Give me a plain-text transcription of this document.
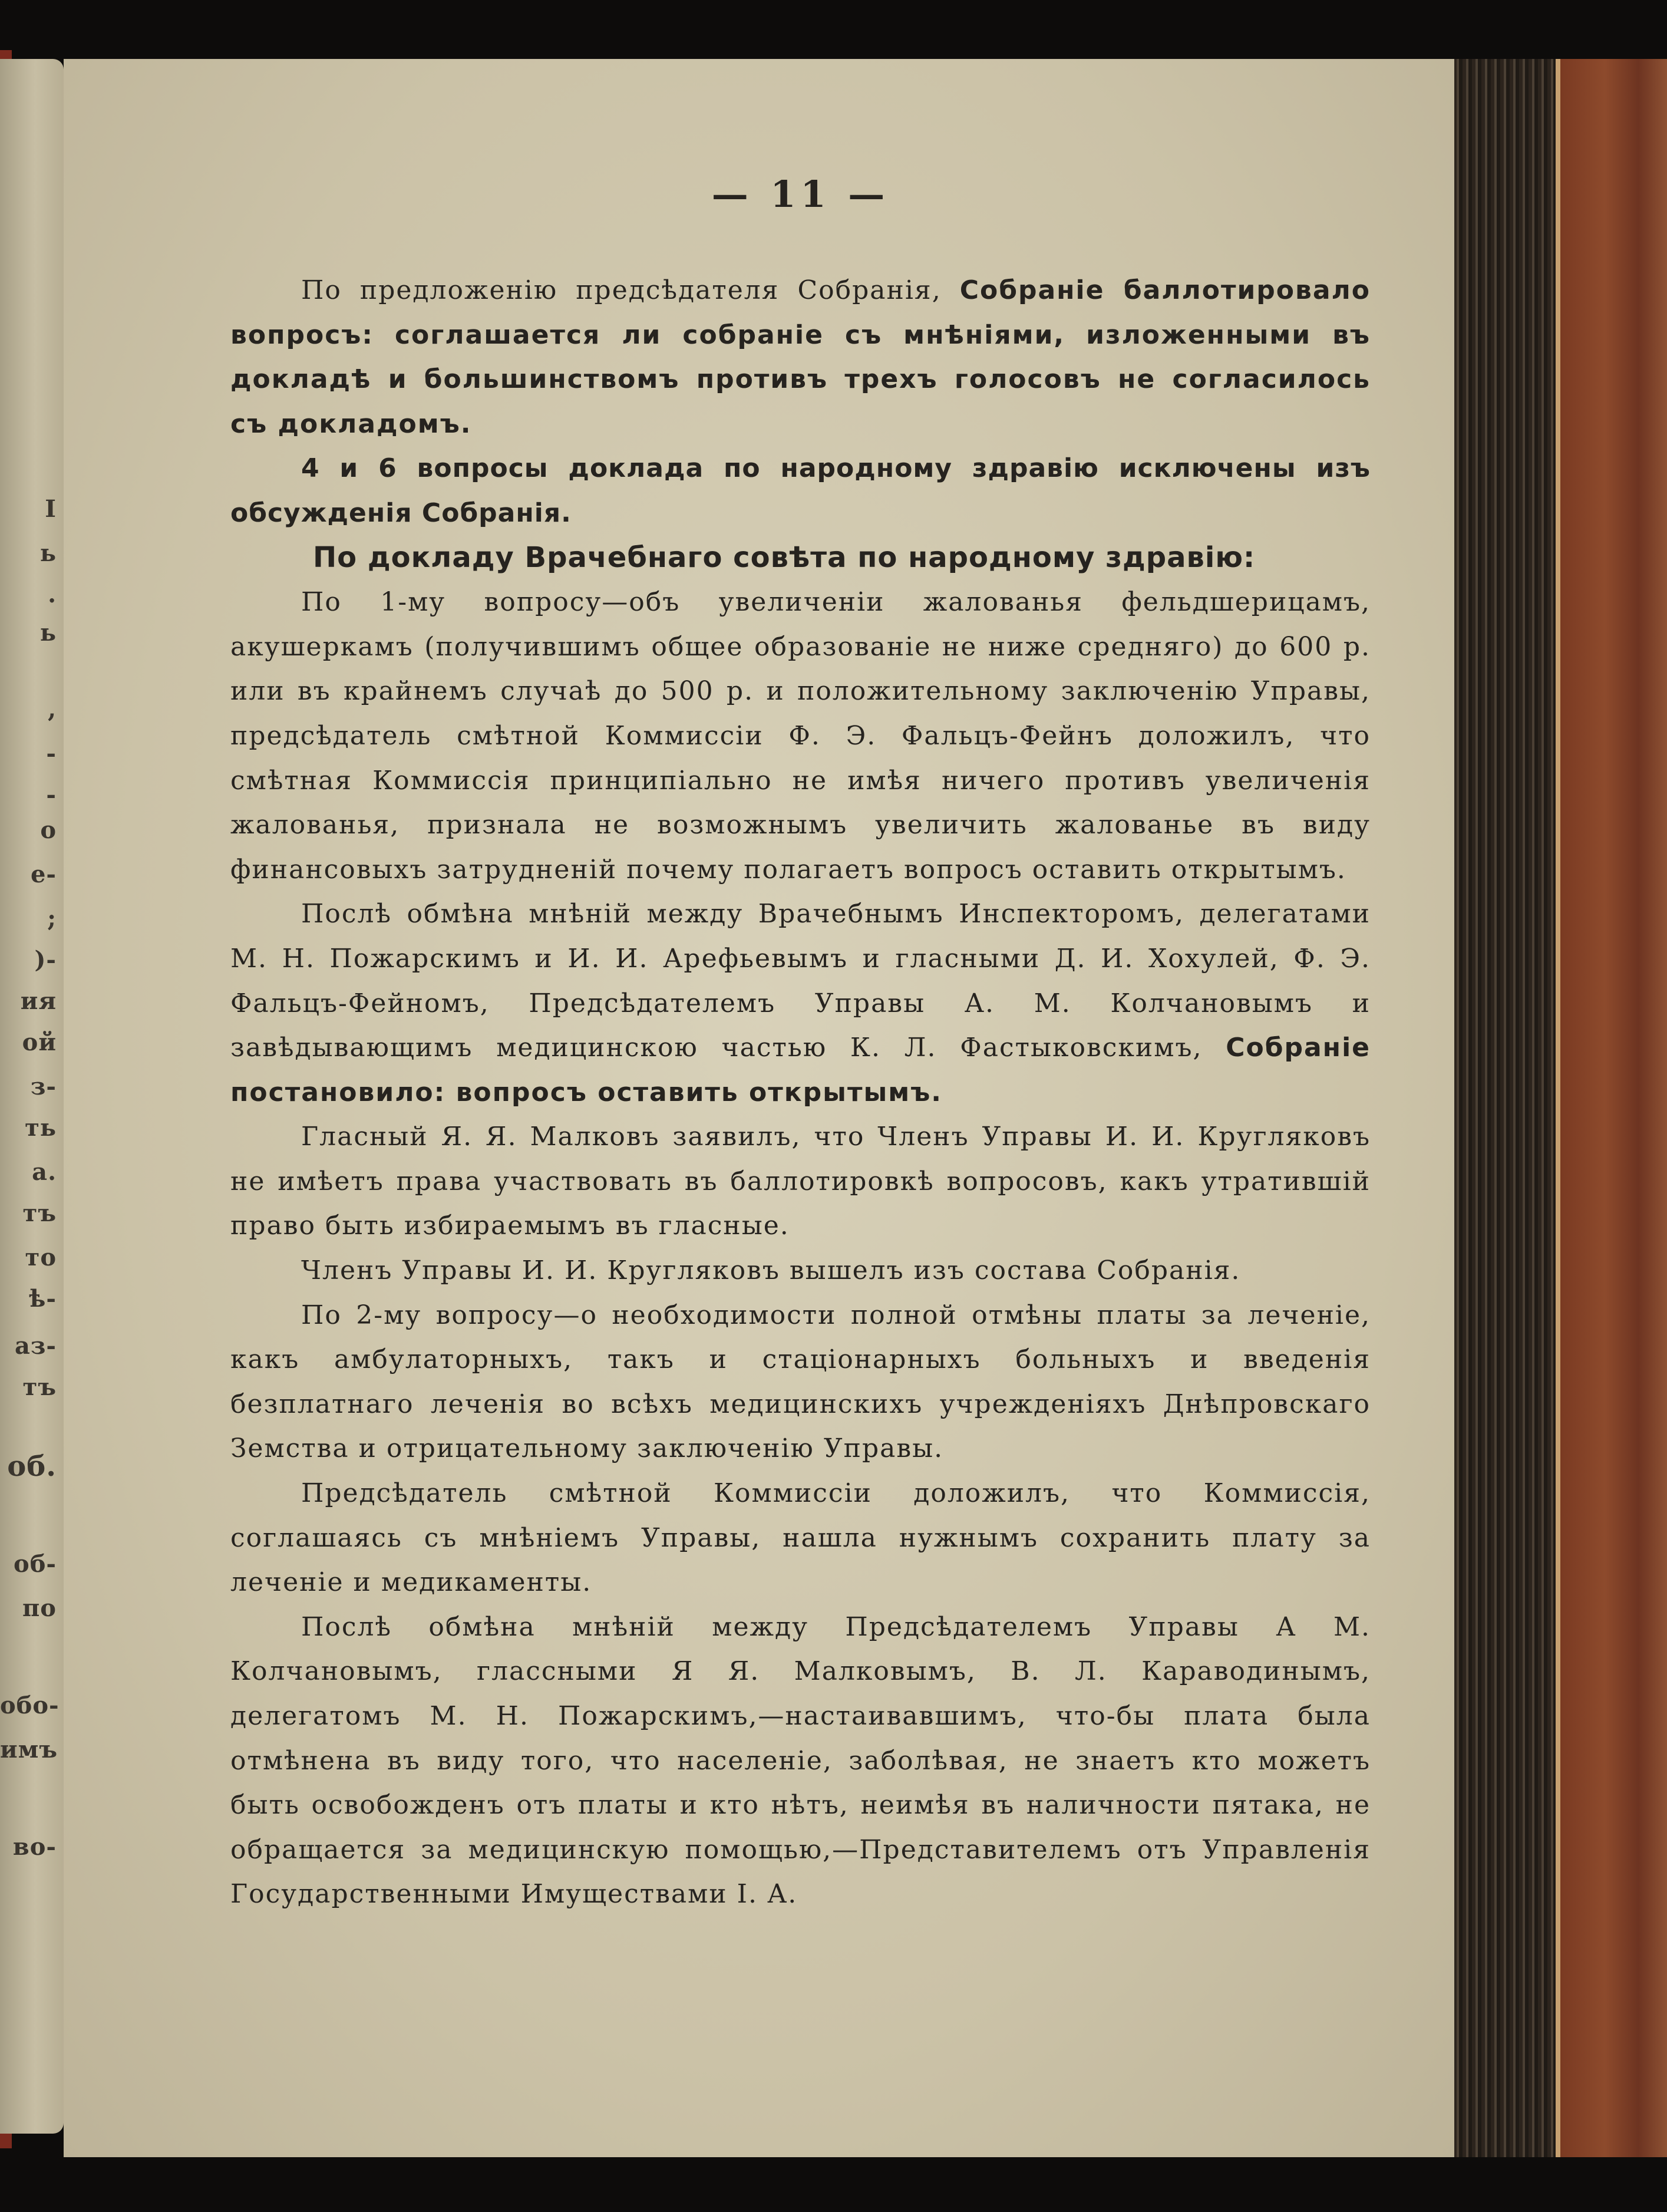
I
ь
.
ь
,
-
-
о
е-
;
)-
ия
ой
з-
ть
а.
тъ
то
ѣ-
аз-
тъ
об.
об-
по
обо-
имъ
во-
— 11 —

По предложенію предсѣдателя Собранія, Собраніе баллотировало вопросъ: соглашается ли собраніе съ мнѣніями, изложенными въ докладѣ и большинствомъ противъ трехъ голосовъ не согласилось съ докладомъ.

4 и 6 вопросы доклада по народному здравію исключены изъ обсужденія Собранія.

По докладу Врачебнаго совѣта по народному здравію:

По 1-му вопросу—объ увеличеніи жалованья фельдшерицамъ, акушеркамъ (получившимъ общее образованіе не ниже средняго) до 600 р. или въ крайнемъ случаѣ до 500 р. и положительному заключенію Управы, предсѣдатель смѣтной Коммиссіи Ф. Э. Фальцъ-Фейнъ доложилъ, что смѣтная Коммиссія принципіально не имѣя ничего противъ увеличенія жалованья, признала не возможнымъ увеличить жалованье въ виду финансовыхъ затрудненій почему полагаетъ вопросъ оставить открытымъ.

Послѣ обмѣна мнѣній между Врачебнымъ Инспекторомъ, делегатами М. Н. Пожарскимъ и И. И. Арефьевымъ и гласными Д. И. Хохулей, Ф. Э. Фальцъ-Фейномъ, Предсѣдателемъ Управы А. М. Колчановымъ и завѣдывающимъ медицинскою частью К. Л. Фастыковскимъ, Собраніе постановило: вопросъ оставить открытымъ.

Гласный Я. Я. Малковъ заявилъ, что Членъ Управы И. И. Кругляковъ не имѣетъ права участвовать въ баллотировкѣ вопросовъ, какъ утратившій право быть избираемымъ въ гласные.

Членъ Управы И. И. Кругляковъ вышелъ изъ состава Собранія.

По 2-му вопросу—о необходимости полной отмѣны платы за леченіе, какъ амбулаторныхъ, такъ и стаціонарныхъ больныхъ и введенія безплатнаго леченія во всѣхъ медицинскихъ учрежденіяхъ Днѣпровскаго Земства и отрицательному заключенію Управы.

Предсѣдатель смѣтной Коммиссіи доложилъ, что Коммиссія, соглашаясь съ мнѣніемъ Управы, нашла нужнымъ сохранить плату за леченіе и медикаменты.

Послѣ обмѣна мнѣній между Предсѣдателемъ Управы А М. Колчановымъ, глассными Я Я. Малковымъ, В. Л. Караводинымъ, делегатомъ М. Н. Пожарскимъ,—настаивавшимъ, что-бы плата была отмѣнена въ виду того, что населеніе, заболѣвая, не знаетъ кто можетъ быть освобожденъ отъ платы и кто нѣтъ, неимѣя въ наличности пятака, не обращается за медицинскую помощью,—Представителемъ отъ Управленія Государственными Имуществами І. А.
